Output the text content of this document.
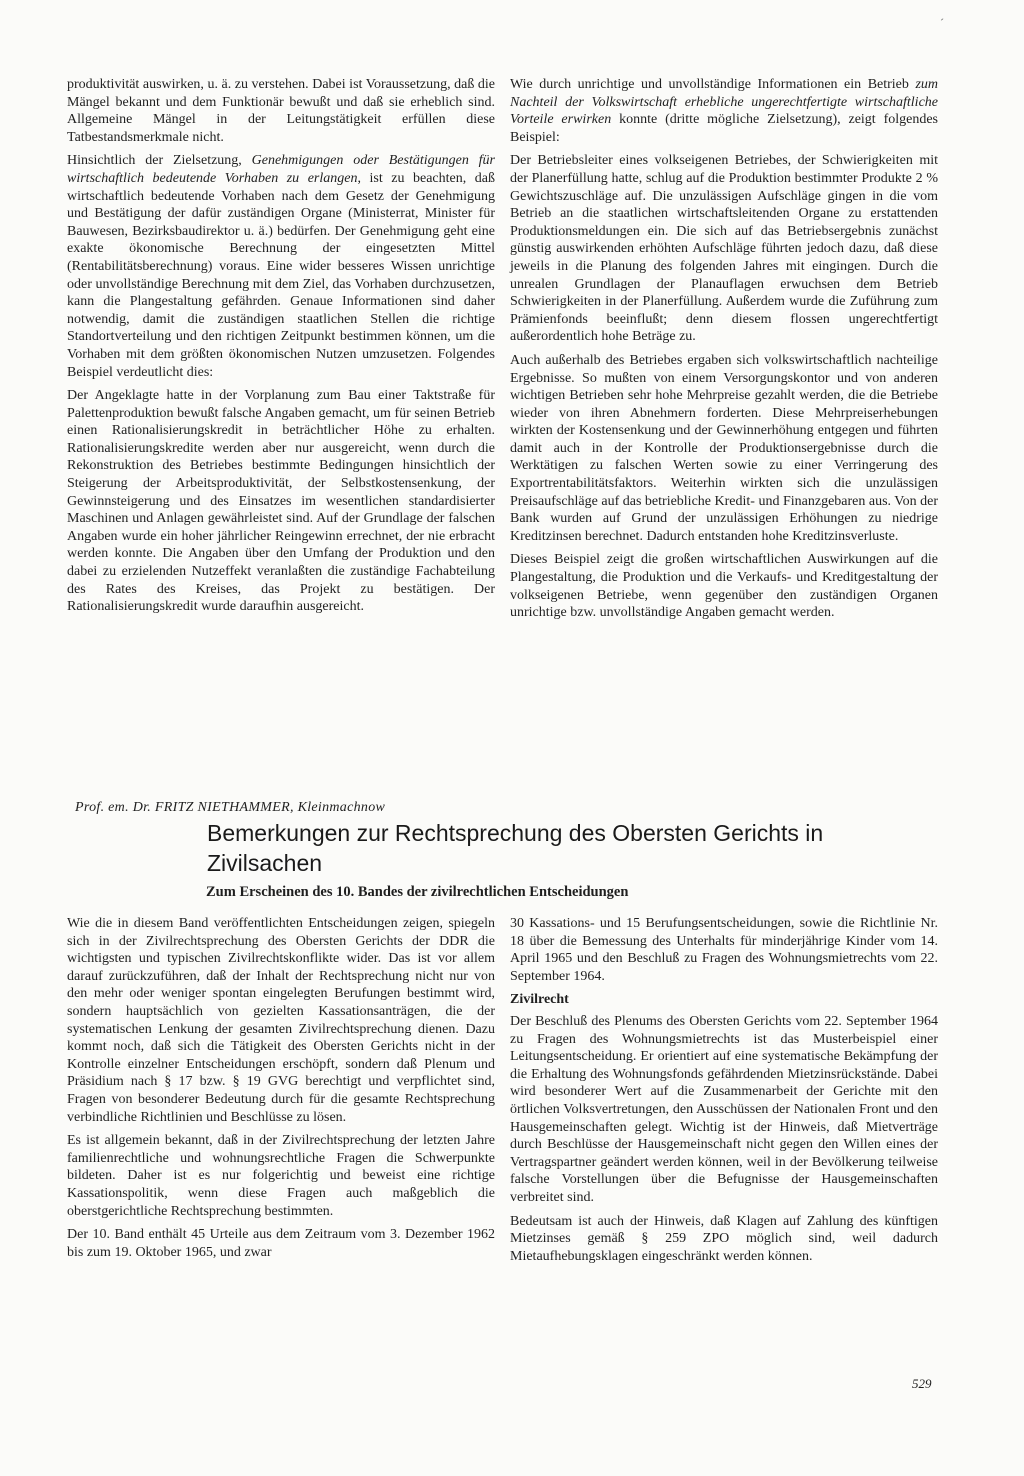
´

produktivität auswirken, u. ä. zu verstehen. Dabei ist Voraussetzung, daß die Mängel bekannt und dem Funktionär bewußt und daß sie erheblich sind. Allgemeine Mängel in der Leitungstätigkeit erfüllen diese Tatbestandsmerkmale nicht.

Hinsichtlich der Zielsetzung, Genehmigungen oder Bestätigungen für wirtschaftlich bedeutende Vorhaben zu erlangen, ist zu beachten, daß wirtschaftlich bedeutende Vorhaben nach dem Gesetz der Genehmigung und Bestätigung der dafür zuständigen Organe (Ministerrat, Minister für Bauwesen, Bezirksbaudirektor u. ä.) bedürfen. Der Genehmigung geht eine exakte ökonomische Berechnung der eingesetzten Mittel (Rentabilitätsberechnung) voraus. Eine wider besseres Wissen unrichtige oder unvollständige Berechnung mit dem Ziel, das Vorhaben durchzusetzen, kann die Plangestaltung gefährden. Genaue Informationen sind daher notwendig, damit die zuständigen staatlichen Stellen die richtige Standortverteilung und den richtigen Zeitpunkt bestimmen können, um die Vorhaben mit dem größten ökonomischen Nutzen umzusetzen. Folgendes Beispiel verdeutlicht dies:

Der Angeklagte hatte in der Vorplanung zum Bau einer Taktstraße für Palettenproduktion bewußt falsche Angaben gemacht, um für seinen Betrieb einen Rationalisierungskredit in beträchtlicher Höhe zu erhalten. Rationalisierungskredite werden aber nur ausgereicht, wenn durch die Rekonstruktion des Betriebes bestimmte Bedingungen hinsichtlich der Steigerung der Arbeitsproduktivität, der Selbstkostensenkung, der Gewinnsteigerung und des Einsatzes im wesentlichen standardisierter Maschinen und Anlagen gewährleistet sind. Auf der Grundlage der falschen Angaben wurde ein hoher jährlicher Reingewinn errechnet, der nie erbracht werden konnte. Die Angaben über den Umfang der Produktion und den dabei zu erzielenden Nutzeffekt veranlaßten die zuständige Fachabteilung des Rates des Kreises, das Projekt zu bestätigen. Der Rationalisierungskredit wurde daraufhin ausgereicht.

Wie durch unrichtige und unvollständige Informationen ein Betrieb zum Nachteil der Volkswirtschaft erhebliche ungerechtfertigte wirtschaftliche Vorteile erwirken konnte (dritte mögliche Zielsetzung), zeigt folgendes Beispiel:

Der Betriebsleiter eines volkseigenen Betriebes, der Schwierigkeiten mit der Planerfüllung hatte, schlug auf die Produktion bestimmter Produkte 2 % Gewichtszuschläge auf. Die unzulässigen Aufschläge gingen in die vom Betrieb an die staatlichen wirtschaftsleitenden Organe zu erstattenden Produktionsmeldungen ein. Die sich auf das Betriebsergebnis zunächst günstig auswirkenden erhöhten Aufschläge führten jedoch dazu, daß diese jeweils in die Planung des folgenden Jahres mit eingingen. Durch die unrealen Grundlagen der Planauflagen erwuchsen dem Betrieb Schwierigkeiten in der Planerfüllung. Außerdem wurde die Zuführung zum Prämienfonds beeinflußt; denn diesem flossen ungerechtfertigt außerordentlich hohe Beträge zu.

Auch außerhalb des Betriebes ergaben sich volkswirtschaftlich nachteilige Ergebnisse. So mußten von einem Versorgungskontor und von anderen wichtigen Betrieben sehr hohe Mehrpreise gezahlt werden, die die Betriebe wieder von ihren Abnehmern forderten. Diese Mehrpreiserhebungen wirkten der Kostensenkung und der Gewinnerhöhung entgegen und führten damit auch in der Kontrolle der Produktionsergebnisse durch die Werktätigen zu falschen Werten sowie zu einer Verringerung des Exportrentabilitätsfaktors. Weiterhin wirkten sich die unzulässigen Preisaufschläge auf das betriebliche Kredit- und Finanzgebaren aus. Von der Bank wurden auf Grund der unzulässigen Erhöhungen zu niedrige Kreditzinsen berechnet. Dadurch entstanden hohe Kreditzinsverluste.

Dieses Beispiel zeigt die großen wirtschaftlichen Auswirkungen auf die Plangestaltung, die Produktion und die Verkaufs- und Kreditgestaltung der volkseigenen Betriebe, wenn gegenüber den zuständigen Organen unrichtige bzw. unvollständige Angaben gemacht werden.

Prof. em. Dr. FRITZ NIETHAMMER, Kleinmachnow
Bemerkungen zur Rechtsprechung des Obersten Gerichts in Zivilsachen
Zum Erscheinen des 10. Bandes der zivilrechtlichen Entscheidungen

Wie die in diesem Band veröffentlichten Entscheidungen zeigen, spiegeln sich in der Zivilrechtsprechung des Obersten Gerichts der DDR die wichtigsten und typischen Zivilrechtskonflikte wider. Das ist vor allem darauf zurückzuführen, daß der Inhalt der Rechtsprechung nicht nur von den mehr oder weniger spontan eingelegten Berufungen bestimmt wird, sondern hauptsächlich von gezielten Kassationsanträgen, die der systematischen Lenkung der gesamten Zivilrechtsprechung dienen. Dazu kommt noch, daß sich die Tätigkeit des Obersten Gerichts nicht in der Kontrolle einzelner Entscheidungen erschöpft, sondern daß Plenum und Präsidium nach § 17 bzw. § 19 GVG berechtigt und verpflichtet sind, Fragen von besonderer Bedeutung durch für die gesamte Rechtsprechung verbindliche Richtlinien und Beschlüsse zu lösen.

Es ist allgemein bekannt, daß in der Zivilrechtsprechung der letzten Jahre familienrechtliche und wohnungsrechtliche Fragen die Schwerpunkte bildeten. Daher ist es nur folgerichtig und beweist eine richtige Kassationspolitik, wenn diese Fragen auch maßgeblich die oberstgerichtliche Rechtsprechung bestimmten.

Der 10. Band enthält 45 Urteile aus dem Zeitraum vom 3. Dezember 1962 bis zum 19. Oktober 1965, und zwar

30 Kassations- und 15 Berufungsentscheidungen, sowie die Richtlinie Nr. 18 über die Bemessung des Unterhalts für minderjährige Kinder vom 14. April 1965 und den Beschluß zu Fragen des Wohnungsmietrechts vom 22. September 1964.

Zivilrecht

Der Beschluß des Plenums des Obersten Gerichts vom 22. September 1964 zu Fragen des Wohnungsmietrechts ist das Musterbeispiel einer Leitungsentscheidung. Er orientiert auf eine systematische Bekämpfung der die Erhaltung des Wohnungsfonds gefährdenden Mietzinsrückstände. Dabei wird besonderer Wert auf die Zusammenarbeit der Gerichte mit den örtlichen Volksvertretungen, den Ausschüssen der Nationalen Front und den Hausgemeinschaften gelegt. Wichtig ist der Hinweis, daß Mietverträge durch Beschlüsse der Hausgemeinschaft nicht gegen den Willen eines der Vertragspartner geändert werden können, weil in der Bevölkerung teilweise falsche Vorstellungen über die Befugnisse der Hausgemeinschaften verbreitet sind.

Bedeutsam ist auch der Hinweis, daß Klagen auf Zahlung des künftigen Mietzinses gemäß § 259 ZPO möglich sind, weil dadurch Mietaufhebungsklagen eingeschränkt werden können.

529
